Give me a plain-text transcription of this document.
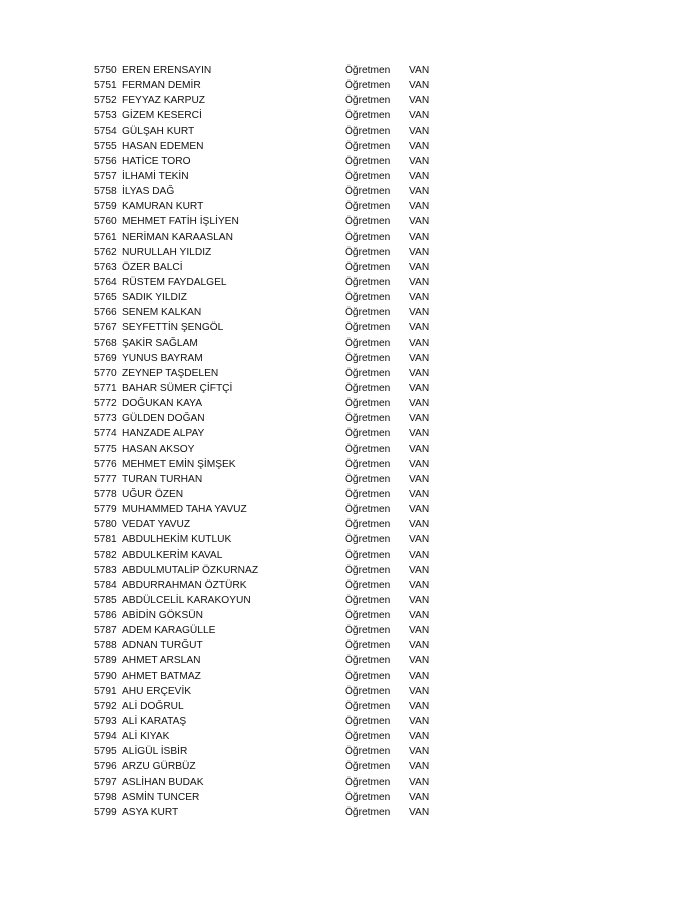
5750 EREN ERENSAYIN	Öğretmen	VAN
5751 FERMAN DEMİR	Öğretmen	VAN
5752 FEYYAZ KARPUZ	Öğretmen	VAN
5753 GİZEM KESERCİ	Öğretmen	VAN
5754 GÜLŞAH KURT	Öğretmen	VAN
5755 HASAN EDEMEN	Öğretmen	VAN
5756 HATİCE TORO	Öğretmen	VAN
5757 İLHAMİ TEKİN	Öğretmen	VAN
5758 İLYAS DAĞ	Öğretmen	VAN
5759 KAMURAN KURT	Öğretmen	VAN
5760 MEHMET FATİH İŞLİYEN	Öğretmen	VAN
5761 NERİMAN KARAASLAN	Öğretmen	VAN
5762 NURULLAH YILDIZ	Öğretmen	VAN
5763 ÖZER BALCİ	Öğretmen	VAN
5764 RÜSTEM FAYDALGEL	Öğretmen	VAN
5765 SADIK YILDIZ	Öğretmen	VAN
5766 SENEM KALKAN	Öğretmen	VAN
5767 SEYFETTİN ŞENGÖL	Öğretmen	VAN
5768 ŞAKİR SAĞLAM	Öğretmen	VAN
5769 YUNUS BAYRAM	Öğretmen	VAN
5770 ZEYNEP TAŞDELEN	Öğretmen	VAN
5771 BAHAR SÜMER ÇİFTÇİ	Öğretmen	VAN
5772 DOĞUKAN KAYA	Öğretmen	VAN
5773 GÜLDEN DOĞAN	Öğretmen	VAN
5774 HANZADE ALPAY	Öğretmen	VAN
5775 HASAN AKSOY	Öğretmen	VAN
5776 MEHMET EMİN ŞİMŞEK	Öğretmen	VAN
5777 TURAN TURHAN	Öğretmen	VAN
5778 UĞUR ÖZEN	Öğretmen	VAN
5779 MUHAMMED TAHA YAVUZ	Öğretmen	VAN
5780 VEDAT YAVUZ	Öğretmen	VAN
5781 ABDULHEKİM KUTLUK	Öğretmen	VAN
5782 ABDULKERİM KAVAL	Öğretmen	VAN
5783 ABDULMUTALİP ÖZKURNAZ	Öğretmen	VAN
5784 ABDURRAHMAN ÖZTÜRK	Öğretmen	VAN
5785 ABDÜLCELİL KARAKOYUN	Öğretmen	VAN
5786 ABİDİN GÖKSÜN	Öğretmen	VAN
5787 ADEM KARAGÜLLE	Öğretmen	VAN
5788 ADNAN TURĞUT	Öğretmen	VAN
5789 AHMET ARSLAN	Öğretmen	VAN
5790 AHMET BATMAZ	Öğretmen	VAN
5791 AHU ERÇEVİK	Öğretmen	VAN
5792 ALİ DOĞRUL	Öğretmen	VAN
5793 ALİ KARATAŞ	Öğretmen	VAN
5794 ALİ KIYAK	Öğretmen	VAN
5795 ALİGÜL İSBİR	Öğretmen	VAN
5796 ARZU GÜRBÜZ	Öğretmen	VAN
5797 ASLİHAN BUDAK	Öğretmen	VAN
5798 ASMİN TUNCER	Öğretmen	VAN
5799 ASYA KURT	Öğretmen	VAN
